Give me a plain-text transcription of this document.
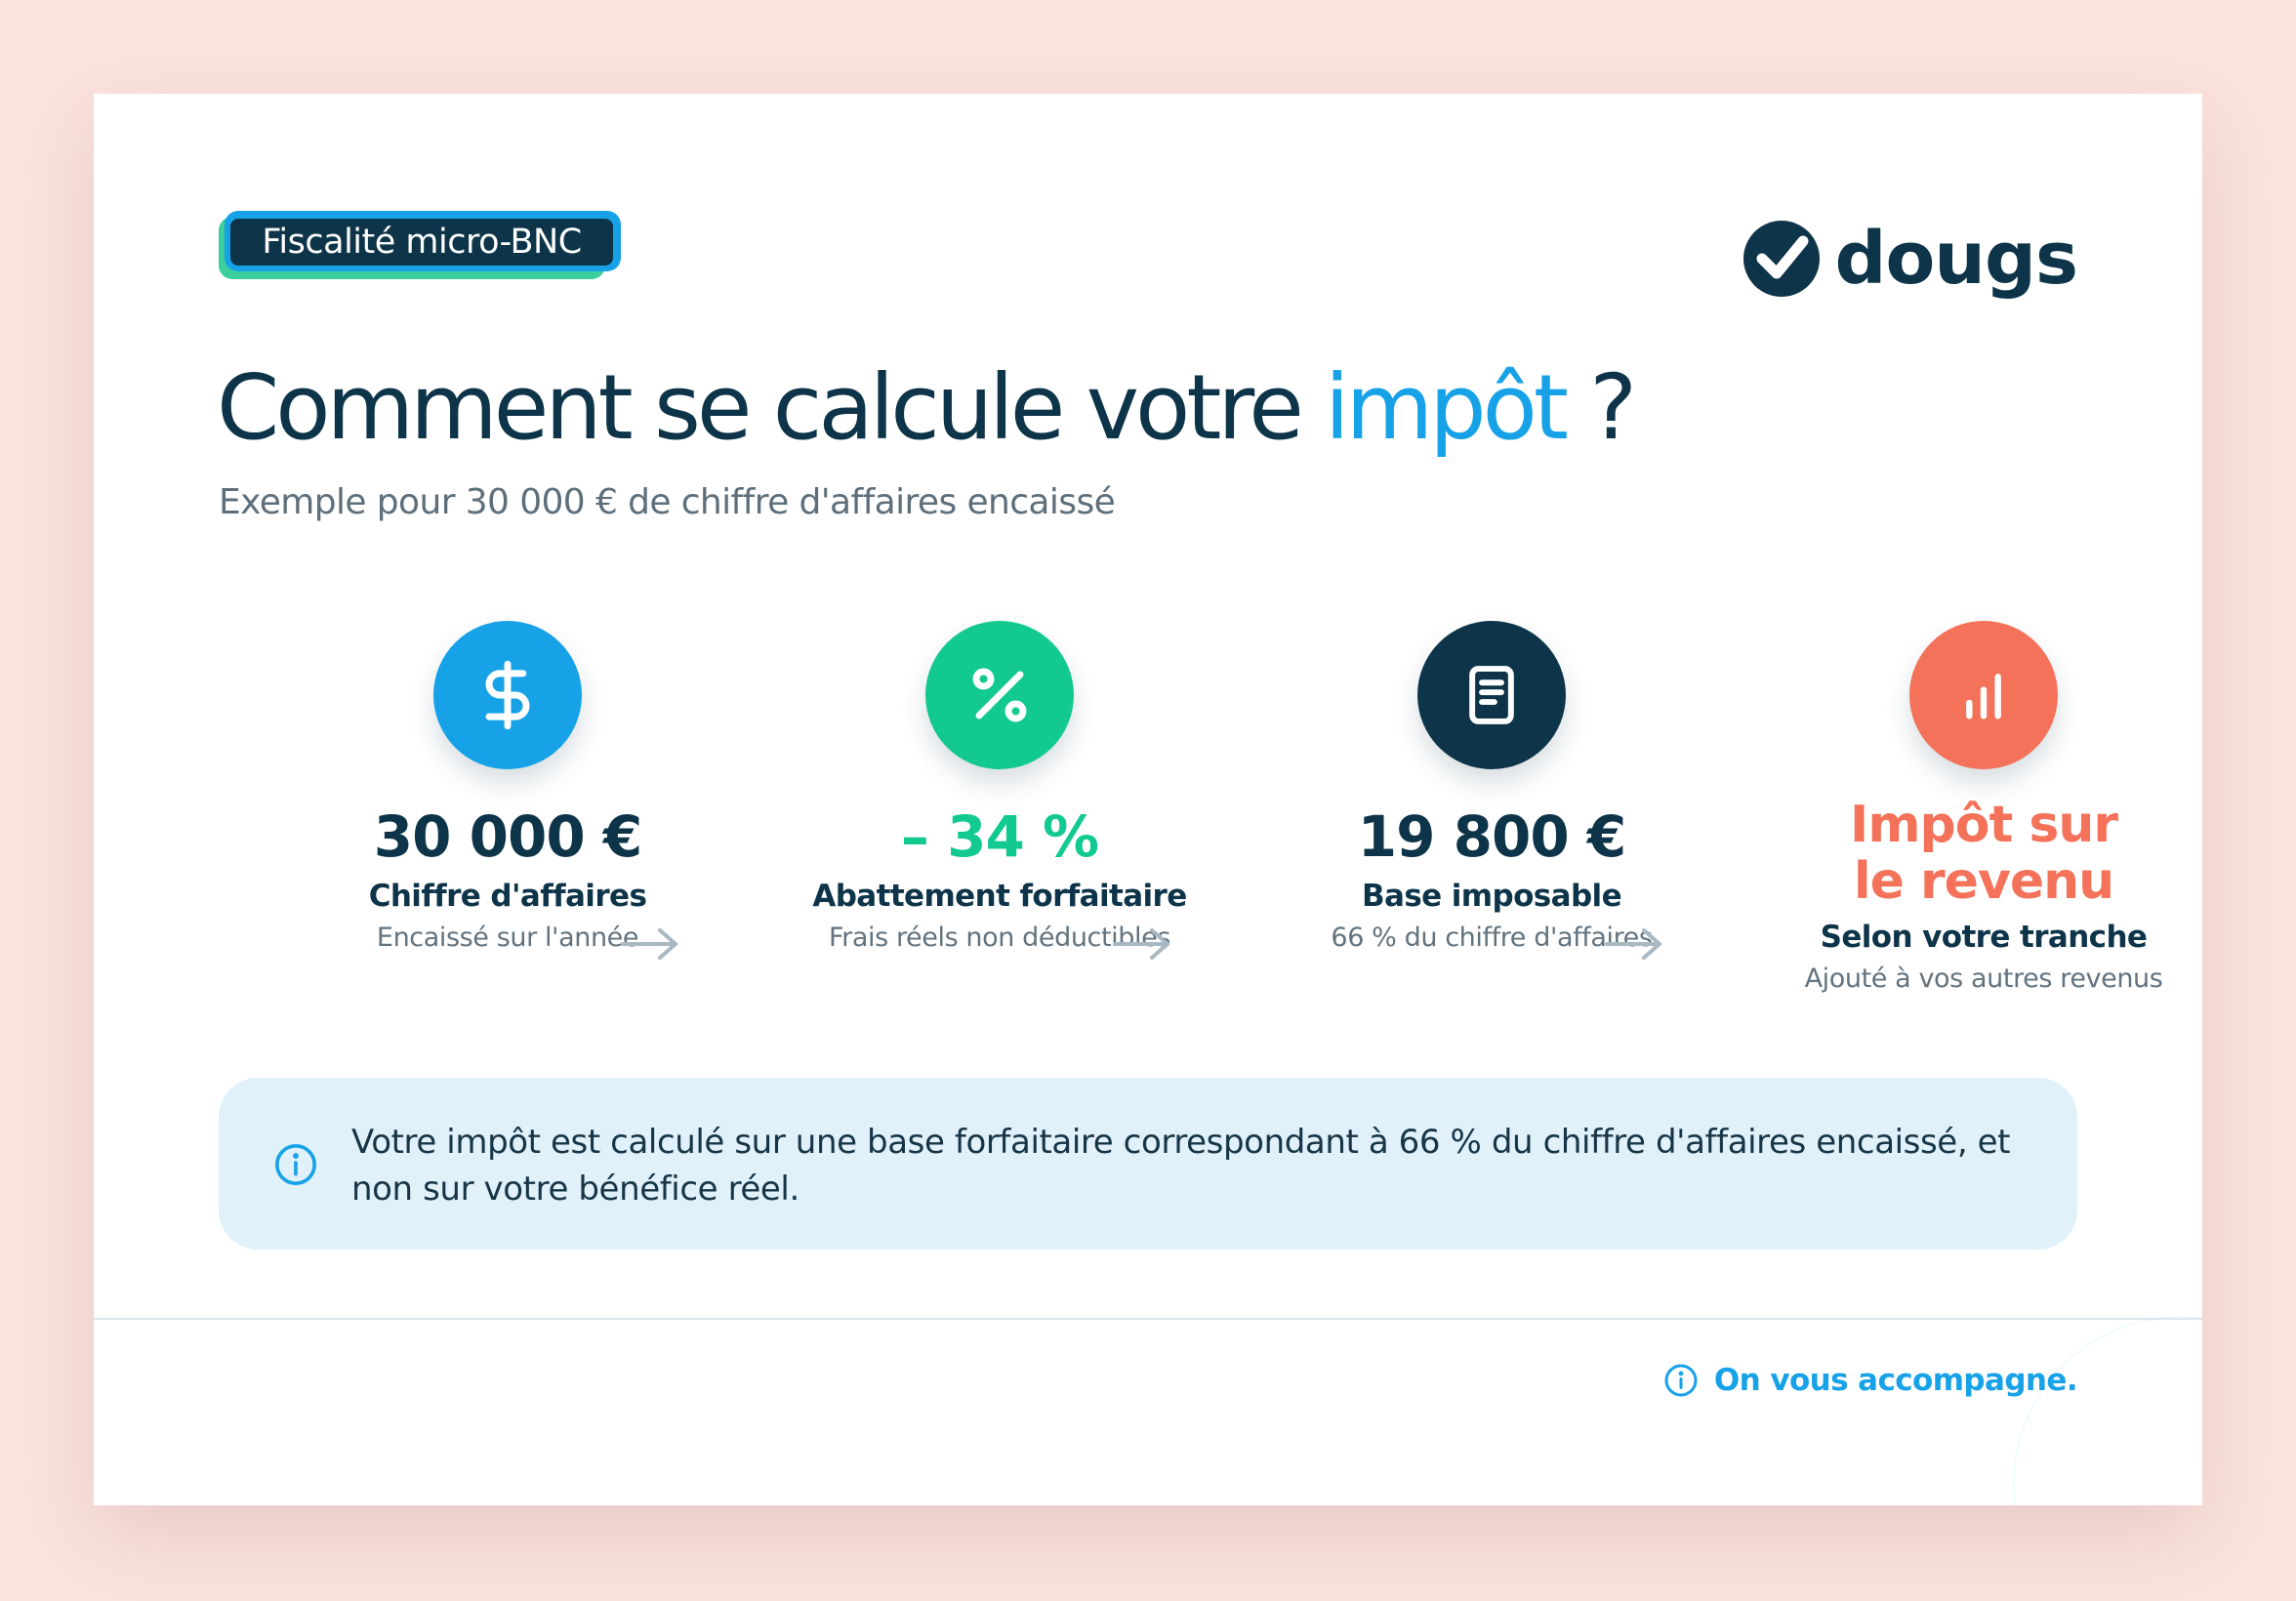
Fiscalité micro-BNC	dougs
Comment se calcule votre impôt ?
Exemple pour 30 000 € de chiffre d'affaires encaissé
30 000 €
Chiffre d'affaires
Encaissé sur l'année
– 34 %
Abattement forfaitaire
Frais réels non déductibles
19 800 €
Base imposable
66 % du chiffre d'affaires
Impôt sur
le revenu
Selon votre tranche
Ajouté à vos autres revenus
Votre impôt est calculé sur une base forfaitaire correspondant à 66 % du chiffre d'affaires encaissé, et non sur votre bénéfice réel.
On vous accompagne.
